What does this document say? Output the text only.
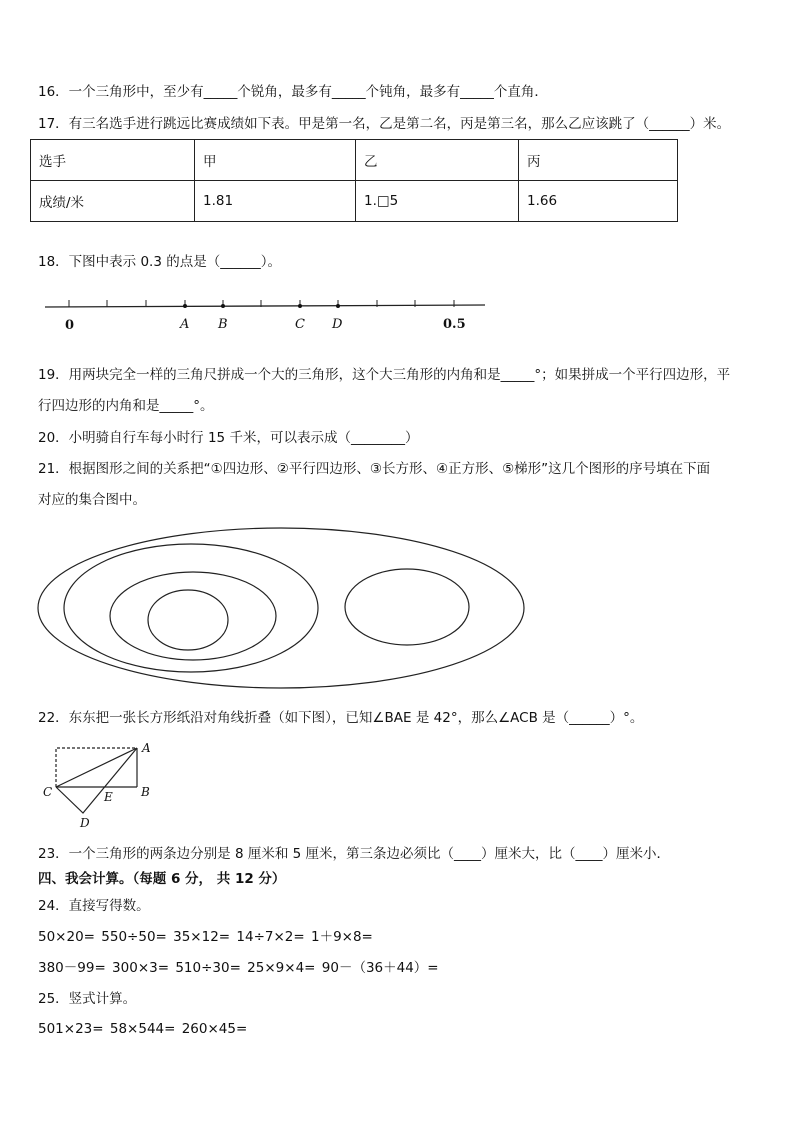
16．一个三角形中，至少有_____个锐角，最多有_____个钝角，最多有_____个直角．
17．有三名选手进行跳远比赛成绩如下表。甲是第一名，乙是第二名，丙是第三名，那么乙应该跳了（______）米。
选手	甲	乙	丙
成绩/米	1.81	1.□5	1.66
18．下图中表示 0.3 的点是（______）。
0	A B	C D	0.5
19．用两块完全一样的三角尺拼成一个大的三角形，这个大三角形的内角和是_____°；如果拼成一个平行四边形，平
行四边形的内角和是_____°。
20．小明骑自行车每小时行 15 千米，可以表示成（________）
21．根据图形之间的关系把“①四边形、②平行四边形、③长方形、④正方形、⑤梯形”这几个图形的序号填在下面
对应的集合图中。
22．东东把一张长方形纸沿对角线折叠（如下图），已知∠BAE 是 42°，那么∠ACB 是（______）°。
A
B
C
D
E
23．一个三角形的两条边分别是 8 厘米和 5 厘米，第三条边必须比（____）厘米大，比（____）厘米小．
四、我会计算。（每题 6 分， 共 12 分）
24．直接写得数。
50×20= 550÷50= 35×12= 14÷7×2= 1＋9×8=
380－99= 300×3= 510÷30= 25×9×4= 90－（36＋44）=
25．竖式计算。
501×23= 58×544= 260×45=
